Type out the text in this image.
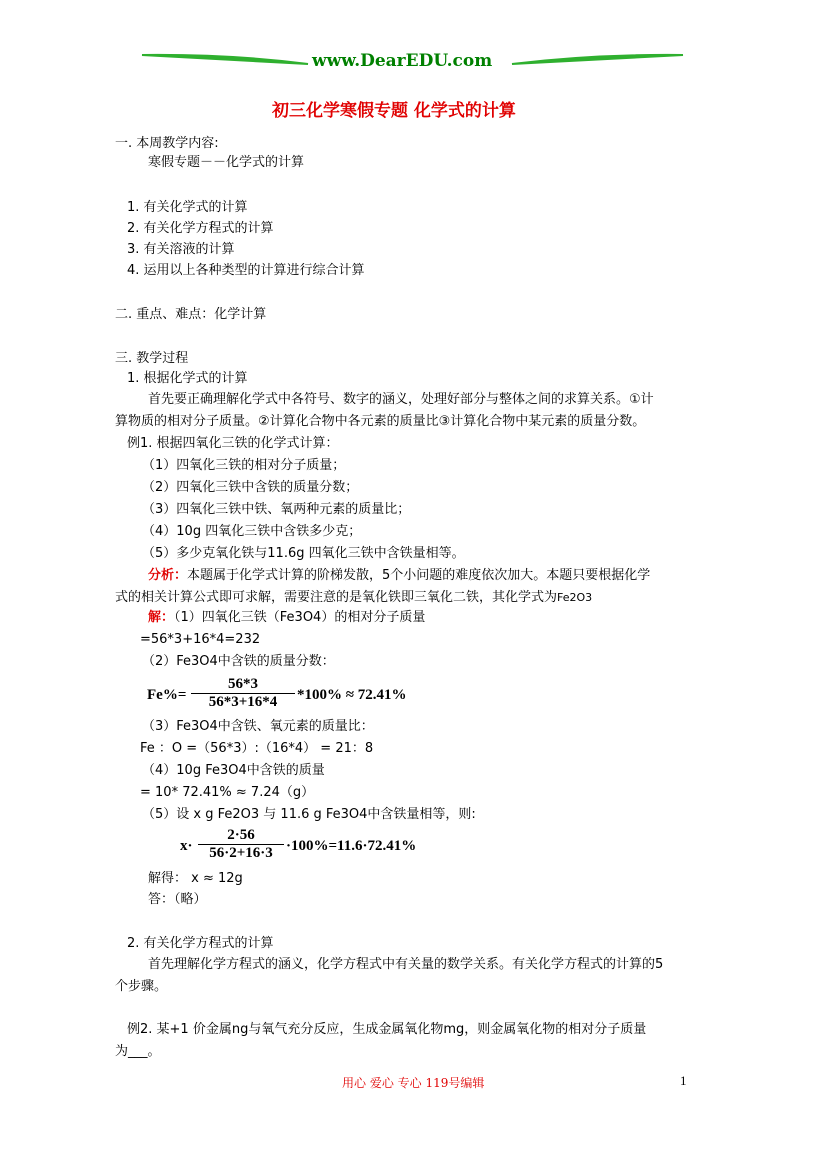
www.DearEDU.com
初三化学寒假专题 化学式的计算
一. 本周教学内容:
寒假专题－－化学式的计算
1. 有关化学式的计算
2. 有关化学方程式的计算
3. 有关溶液的计算
4. 运用以上各种类型的计算进行综合计算
二. 重点、难点：化学计算
三. 教学过程
1. 根据化学式的计算
首先要正确理解化学式中各符号、数字的涵义，处理好部分与整体之间的求算关系。①计
算物质的相对分子质量。②计算化合物中各元素的质量比③计算化合物中某元素的质量分数。
例1. 根据四氧化三铁的化学式计算：
（1）四氧化三铁的相对分子质量；
（2）四氧化三铁中含铁的质量分数；
（3）四氧化三铁中铁、氧两种元素的质量比；
（4）10g 四氧化三铁中含铁多少克；
（5）多少克氧化铁与11.6g 四氧化三铁中含铁量相等。
分析：本题属于化学式计算的阶梯发散，5个小问题的难度依次加大。本题只要根据化学
式的相关计算公式即可求解，需要注意的是氧化铁即三氧化二铁，其化学式为Fe2O3
解：（1）四氧化三铁（Fe3O4）的相对分子质量
=56*3+16*4=232
（2）Fe3O4中含铁的质量分数：
Fe%=
56*3
56*3+16*4	*100% ≈ 72.41%
（3）Fe3O4中含铁、氧元素的质量比：
Fe ：O =（56*3）:（16*4） = 21：8
（4）10g Fe3O4中含铁的质量
= 10* 72.41% ≈ 7.24（g）
（5）设 x g Fe2O3 与 11.6 g Fe3O4中含铁量相等，则:
x·
2·56
56·2+16·3 ·100%=11.6·72.41%
解得： x ≈ 12g
答：（略）
2. 有关化学方程式的计算
首先理解化学方程式的涵义，化学方程式中有关量的数学关系。有关化学方程式的计算的5
个步骤。
例2. 某+1 价金属ng与氧气充分反应，生成金属氧化物mg，则金属氧化物的相对分子质量
为___。
用心 爱心 专心 119号编辑	1
